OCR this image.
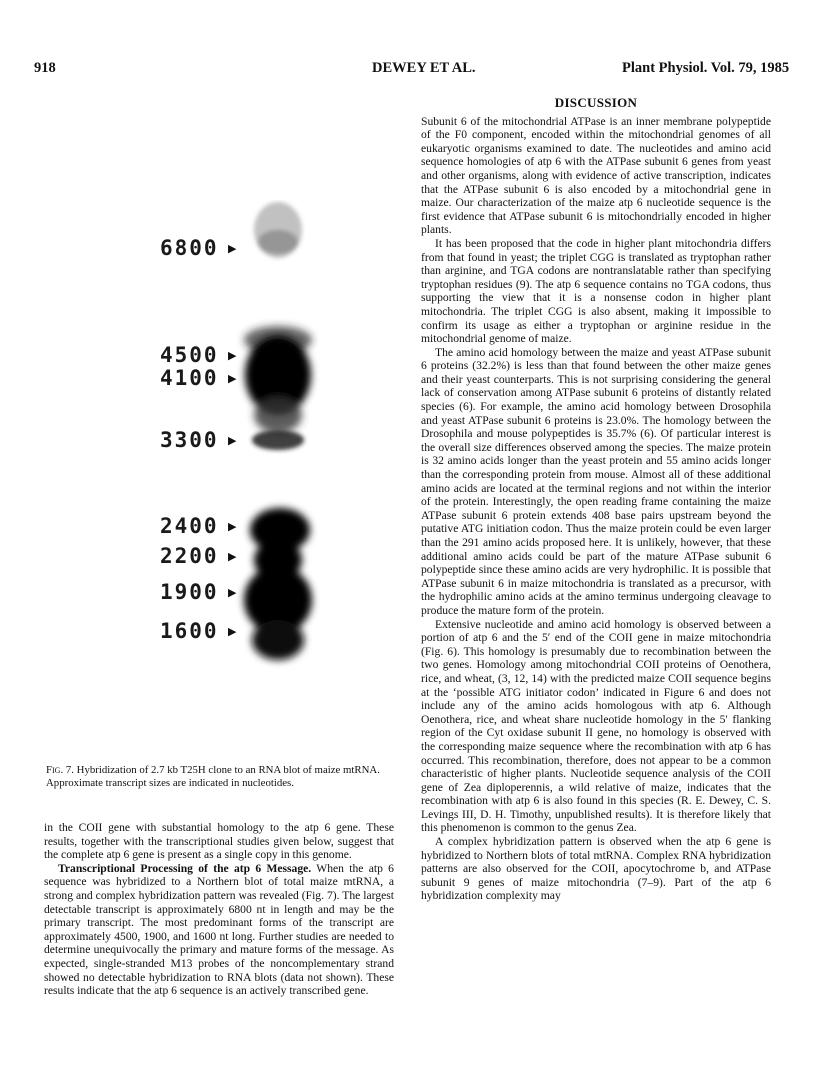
918	DEWEY ET AL.	Plant Physiol. Vol. 79, 1985
6800 ▶
4500 ▶
4100 ▶
3300 ▶
2400 ▶
2200 ▶
1900 ▶
1600 ▶
Fig. 7. Hybridization of 2.7 kb T25H clone to an RNA blot of maize mtRNA. Approximate transcript sizes are indicated in nucleotides.
DISCUSSION

Subunit 6 of the mitochondrial ATPase is an inner membrane polypeptide of the F0 component, encoded within the mitochondrial genomes of all eukaryotic organisms examined to date. The nucleotides and amino acid sequence homologies of atp 6 with the ATPase subunit 6 genes from yeast and other organisms, along with evidence of active transcription, indicates that the ATPase subunit 6 is also encoded by a mitochondrial gene in maize. Our characterization of the maize atp 6 nucleotide sequence is the first evidence that ATPase subunit 6 is mitochondrially encoded in higher plants.

It has been proposed that the code in higher plant mitochondria differs from that found in yeast; the triplet CGG is translated as tryptophan rather than arginine, and TGA codons are nontranslatable rather than specifying tryptophan residues (9). The atp 6 sequence contains no TGA codons, thus supporting the view that it is a nonsense codon in higher plant mitochondria. The triplet CGG is also absent, making it impossible to confirm its usage as either a tryptophan or arginine residue in the mitochondrial genome of maize.

The amino acid homology between the maize and yeast ATPase subunit 6 proteins (32.2%) is less than that found between the other maize genes and their yeast counterparts. This is not surprising considering the general lack of conservation among ATPase subunit 6 proteins of distantly related species (6). For example, the amino acid homology between Drosophila and yeast ATPase subunit 6 proteins is 23.0%. The homology between the Drosophila and mouse polypeptides is 35.7% (6). Of particular interest is the overall size differences observed among the species. The maize protein is 32 amino acids longer than the yeast protein and 55 amino acids longer than the corresponding protein from mouse. Almost all of these additional amino acids are located at the terminal regions and not within the interior of the protein. Interestingly, the open reading frame containing the maize ATPase subunit 6 protein extends 408 base pairs upstream beyond the putative ATG initiation codon. Thus the maize protein could be even larger than the 291 amino acids proposed here. It is unlikely, however, that these additional amino acids could be part of the mature ATPase subunit 6 polypeptide since these amino acids are very hydrophilic. It is possible that ATPase subunit 6 in maize mitochondria is translated as a precursor, with the hydrophilic amino acids at the amino terminus undergoing cleavage to produce the mature form of the protein.

Extensive nucleotide and amino acid homology is observed between a portion of atp 6 and the 5′ end of the COII gene in maize mitochondria (Fig. 6). This homology is presumably due to recombination between the two genes. Homology among mitochondrial COII proteins of Oenothera, rice, and wheat, (3, 12, 14) with the predicted maize COII sequence begins at the ‘possible ATG initiator codon’ indicated in Figure 6 and does not include any of the amino acids homologous with atp 6. Although Oenothera, rice, and wheat share nucleotide homology in the 5′ flanking region of the Cyt oxidase subunit II gene, no homology is observed with the corresponding maize sequence where the recombination with atp 6 has occurred. This recombination, therefore, does not appear to be a common characteristic of higher plants. Nucleotide sequence analysis of the COII gene of Zea diploperennis, a wild relative of maize, indicates that the recombination with atp 6 is also found in this species (R. E. Dewey, C. S. Levings III, D. H. Timothy, unpublished results). It is therefore likely that this phenomenon is common to the genus Zea.

A complex hybridization pattern is observed when the atp 6 gene is hybridized to Northern blots of total mtRNA. Complex RNA hybridization patterns are also observed for the COII, apocytochrome b, and ATPase subunit 9 genes of maize mitochondria (7–9). Part of the atp 6 hybridization complexity may

in the COII gene with substantial homology to the atp 6 gene. These results, together with the transcriptional studies given below, suggest that the complete atp 6 gene is present as a single copy in this genome.

Transcriptional Processing of the atp 6 Message. When the atp 6 sequence was hybridized to a Northern blot of total maize mtRNA, a strong and complex hybridization pattern was revealed (Fig. 7). The largest detectable transcript is approximately 6800 nt in length and may be the primary transcript. The most predominant forms of the transcript are approximately 4500, 1900, and 1600 nt long. Further studies are needed to determine unequivocally the primary and mature forms of the message. As expected, single-stranded M13 probes of the noncomplementary strand showed no detectable hybridization to RNA blots (data not shown). These results indicate that the atp 6 sequence is an actively transcribed gene.
